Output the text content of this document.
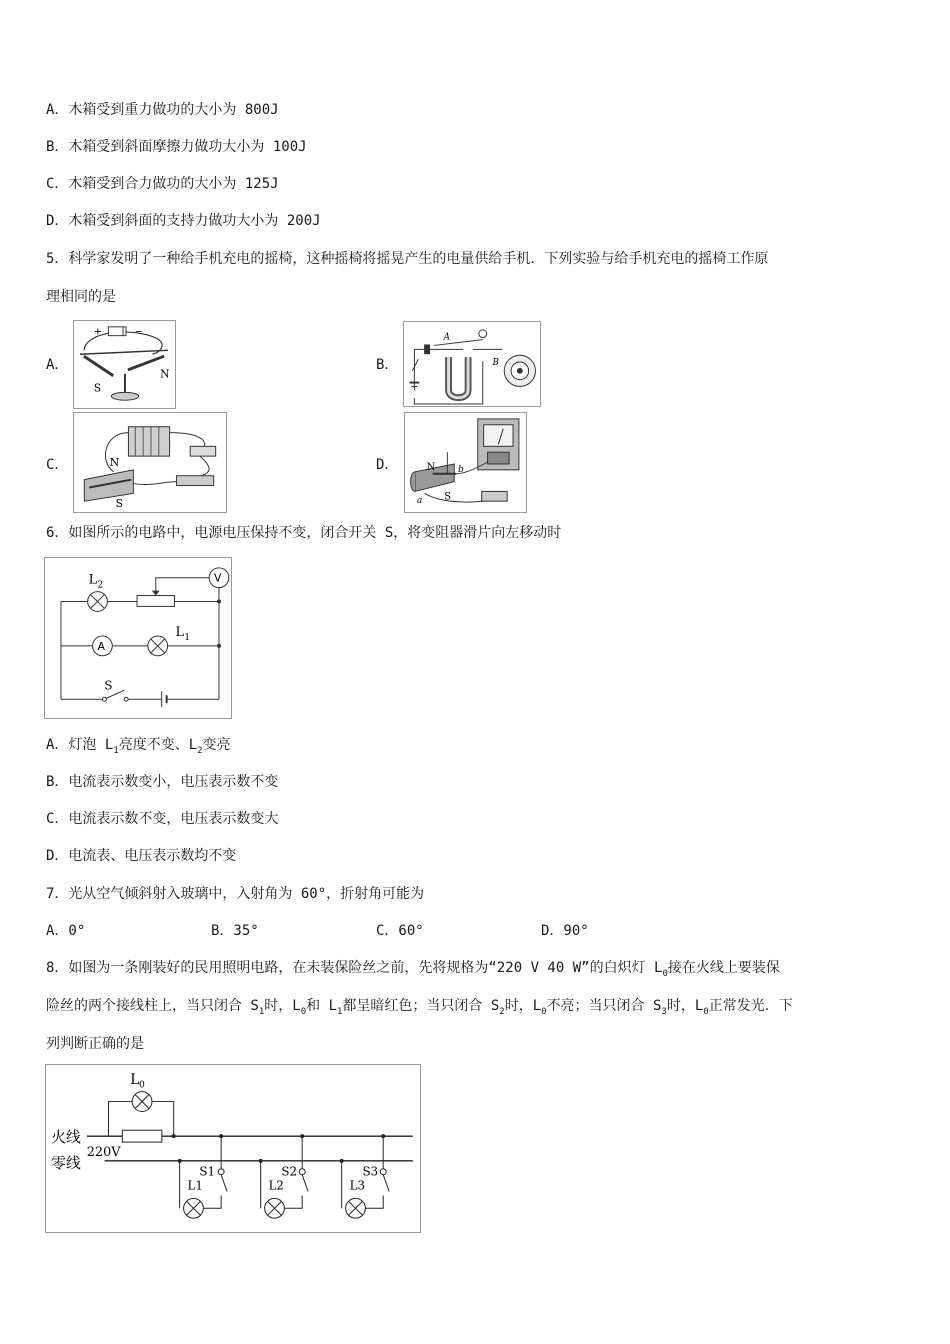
A．木箱受到重力做功的大小为 800J
B．木箱受到斜面摩擦力做功大小为 100J
C．木箱受到合力做功的大小为 125J
D．木箱受到斜面的支持力做功大小为 200J
5．科学家发明了一种给手机充电的摇椅，这种摇椅将摇晃产生的电量供给手机．下列实验与给手机充电的摇椅工作原
理相同的是
A．
+	−
S
N
B．
A
B
C．	N
S
D．	N
S
a
b
6．如图所示的电路中，电源电压保持不变，闭合开关 S，将变阻器滑片向左移动时
V
L 2
A
L 1
S
A．灯泡 $L_1$亮度不变、$L_2$变亮
B．电流表示数变小，电压表示数不变
C．电流表示数不变，电压表示数变大
D．电流表、电压表示数均不变
7．光从空气倾斜射入玻璃中，入射角为 60°，折射角可能为
A．0°	B．35°	C．60°	D．90°
8．如图为一条刚装好的民用照明电路，在未装保险丝之前，先将规格为“220 V 40 W”的白炽灯 $L_0$接在火线上要装保
险丝的两个接线柱上，当只闭合 $S_1$时，$L_0$和 $L_1$都呈暗红色；当只闭合 $S_2$时，$L_0$不亮；当只闭合 $S_3$时，$L_0$正常发光．下
列判断正确的是
L 0
火线
零线
220V
S1
L1
S2
L2
S3
L3
